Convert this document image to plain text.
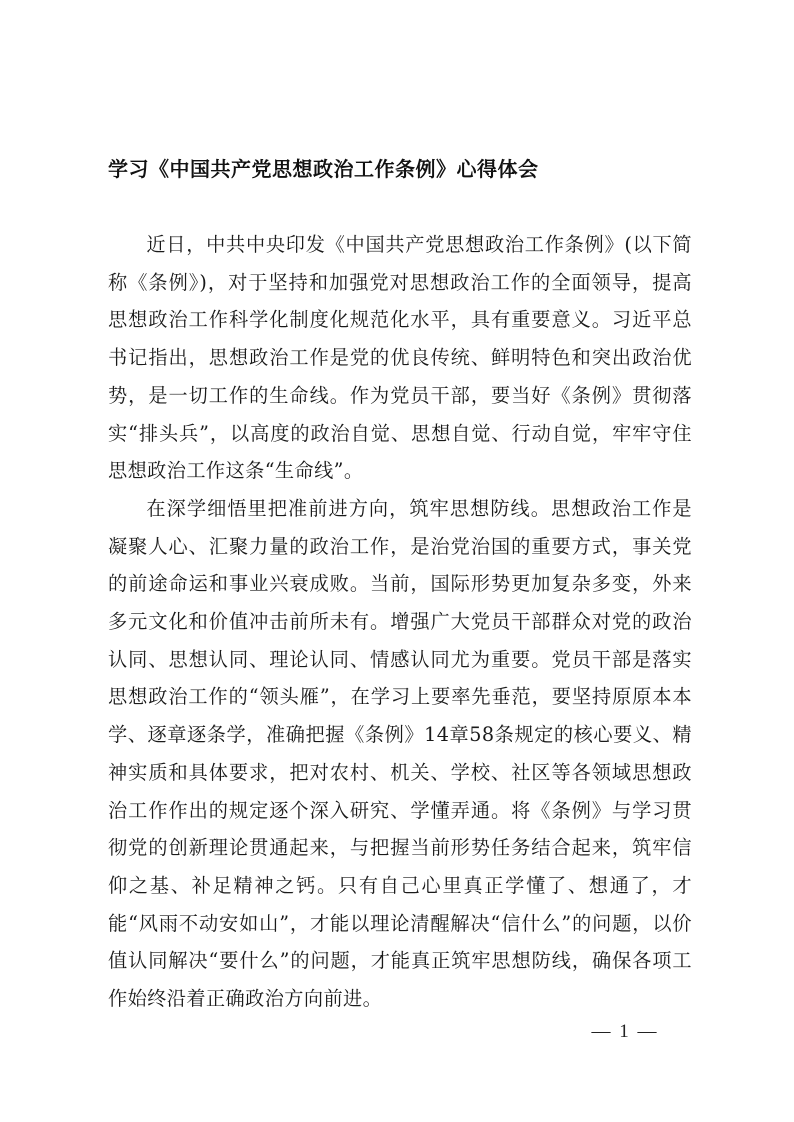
学习《中国共产党思想政治工作条例》心得体会

近日，中共中央印发《中国共产党思想政治工作条例》(以下简称《条例》)，对于坚持和加强党对思想政治工作的全面领导，提高思想政治工作科学化制度化规范化水平，具有重要意义。习近平总书记指出，思想政治工作是党的优良传统、鲜明特色和突出政治优势，是一切工作的生命线。作为党员干部，要当好《条例》贯彻落实“排头兵”，以高度的政治自觉、思想自觉、行动自觉，牢牢守住思想政治工作这条“生命线”。

在深学细悟里把准前进方向，筑牢思想防线。思想政治工作是凝聚人心、汇聚力量的政治工作，是治党治国的重要方式，事关党的前途命运和事业兴衰成败。当前，国际形势更加复杂多变，外来多元文化和价值冲击前所未有。增强广大党员干部群众对党的政治认同、思想认同、理论认同、情感认同尤为重要。党员干部是落实思想政治工作的“领头雁”，在学习上要率先垂范，要坚持原原本本学、逐章逐条学，准确把握《条例》14章58条规定的核心要义、精神实质和具体要求，把对农村、机关、学校、社区等各领域思想政治工作作出的规定逐个深入研究、学懂弄通。将《条例》与学习贯彻党的创新理论贯通起来，与把握当前形势任务结合起来，筑牢信仰之基、补足精神之钙。只有自己心里真正学懂了、想通了，才能“风雨不动安如山”，才能以理论清醒解决“信什么”的问题，以价值认同解决“要什么”的问题，才能真正筑牢思想防线，确保各项工作始终沿着正确政治方向前进。

— 1 —
